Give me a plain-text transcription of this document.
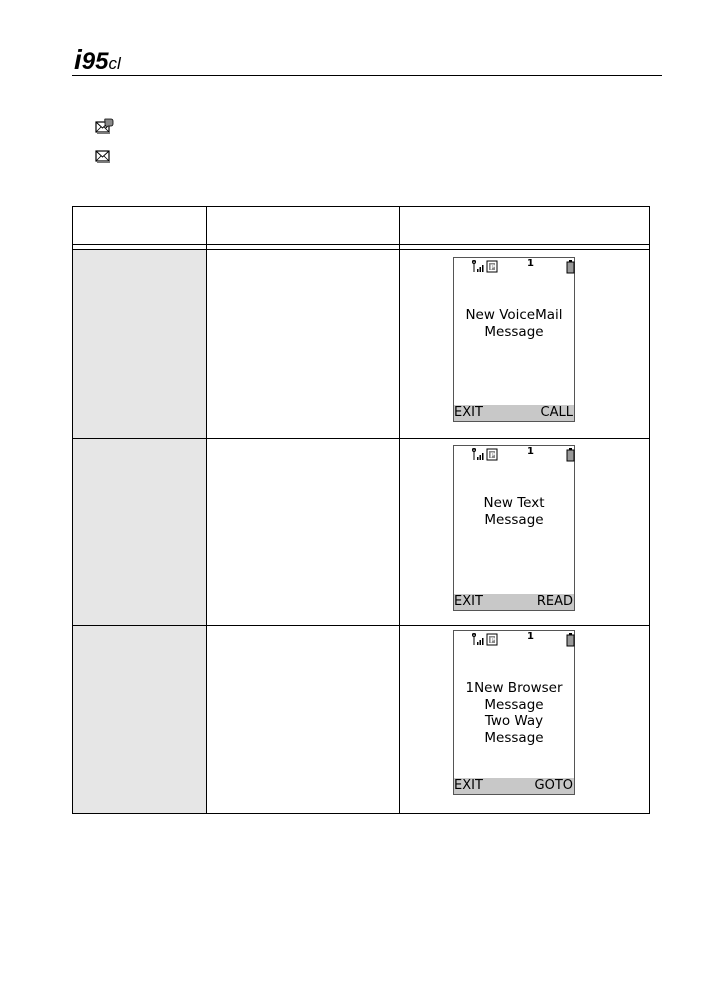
i95cl
P	1
New VoiceMail
Message
EXIT	CALL
P	1
New Text
Message
EXIT	READ
P	1
1New Browser
Message
Two Way
Message
EXIT	GOTO
